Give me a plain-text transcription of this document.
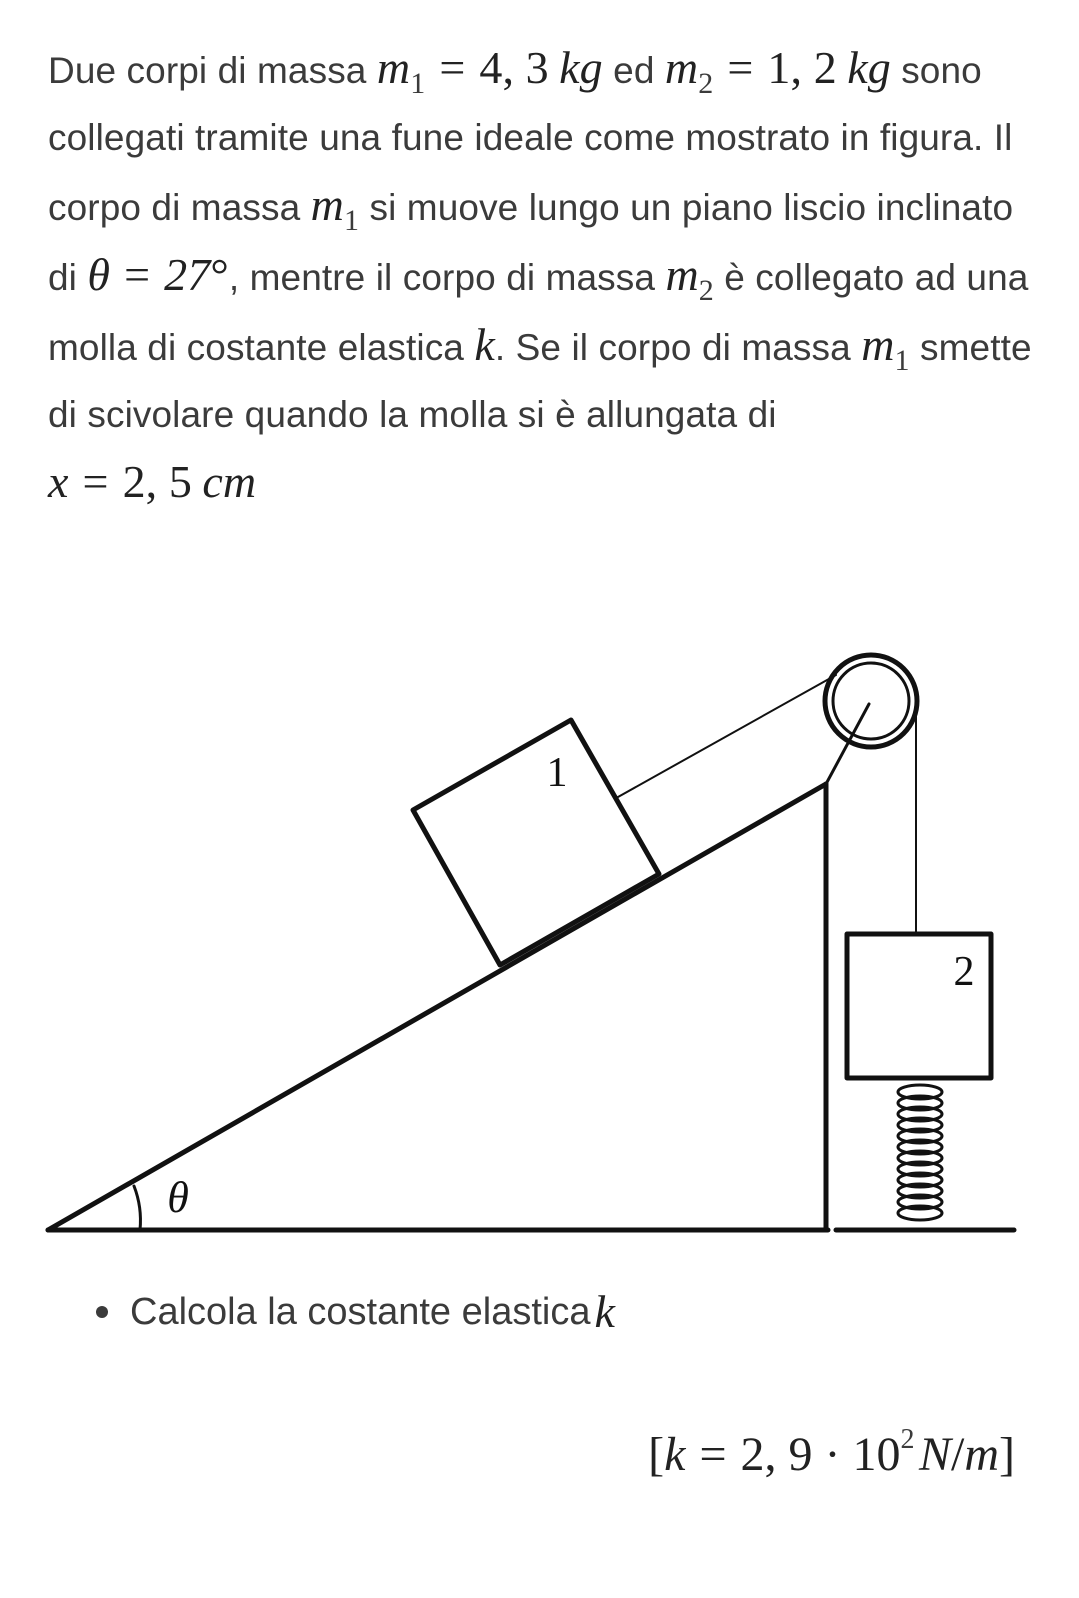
Due corpi di massa $m_1 = 4$, 3 kg ed $m_2 = 1$, 2 kg sono collegati tramite una fune ideale come mostrato in figura. Il corpo di massa $m_1$ si muove lungo un piano liscio inclinato di θ = 27°, mentre il corpo di massa $m_2$ è collegato ad una molla di costante elastica k. Se il corpo di massa $m_1$ smette di scivolare quando la molla si è allungata di
x = 2, 5 cm
1
2
θ
Calcola la costante elastica k
[k = 2, $9 \cdot 10^2$ N/m]
